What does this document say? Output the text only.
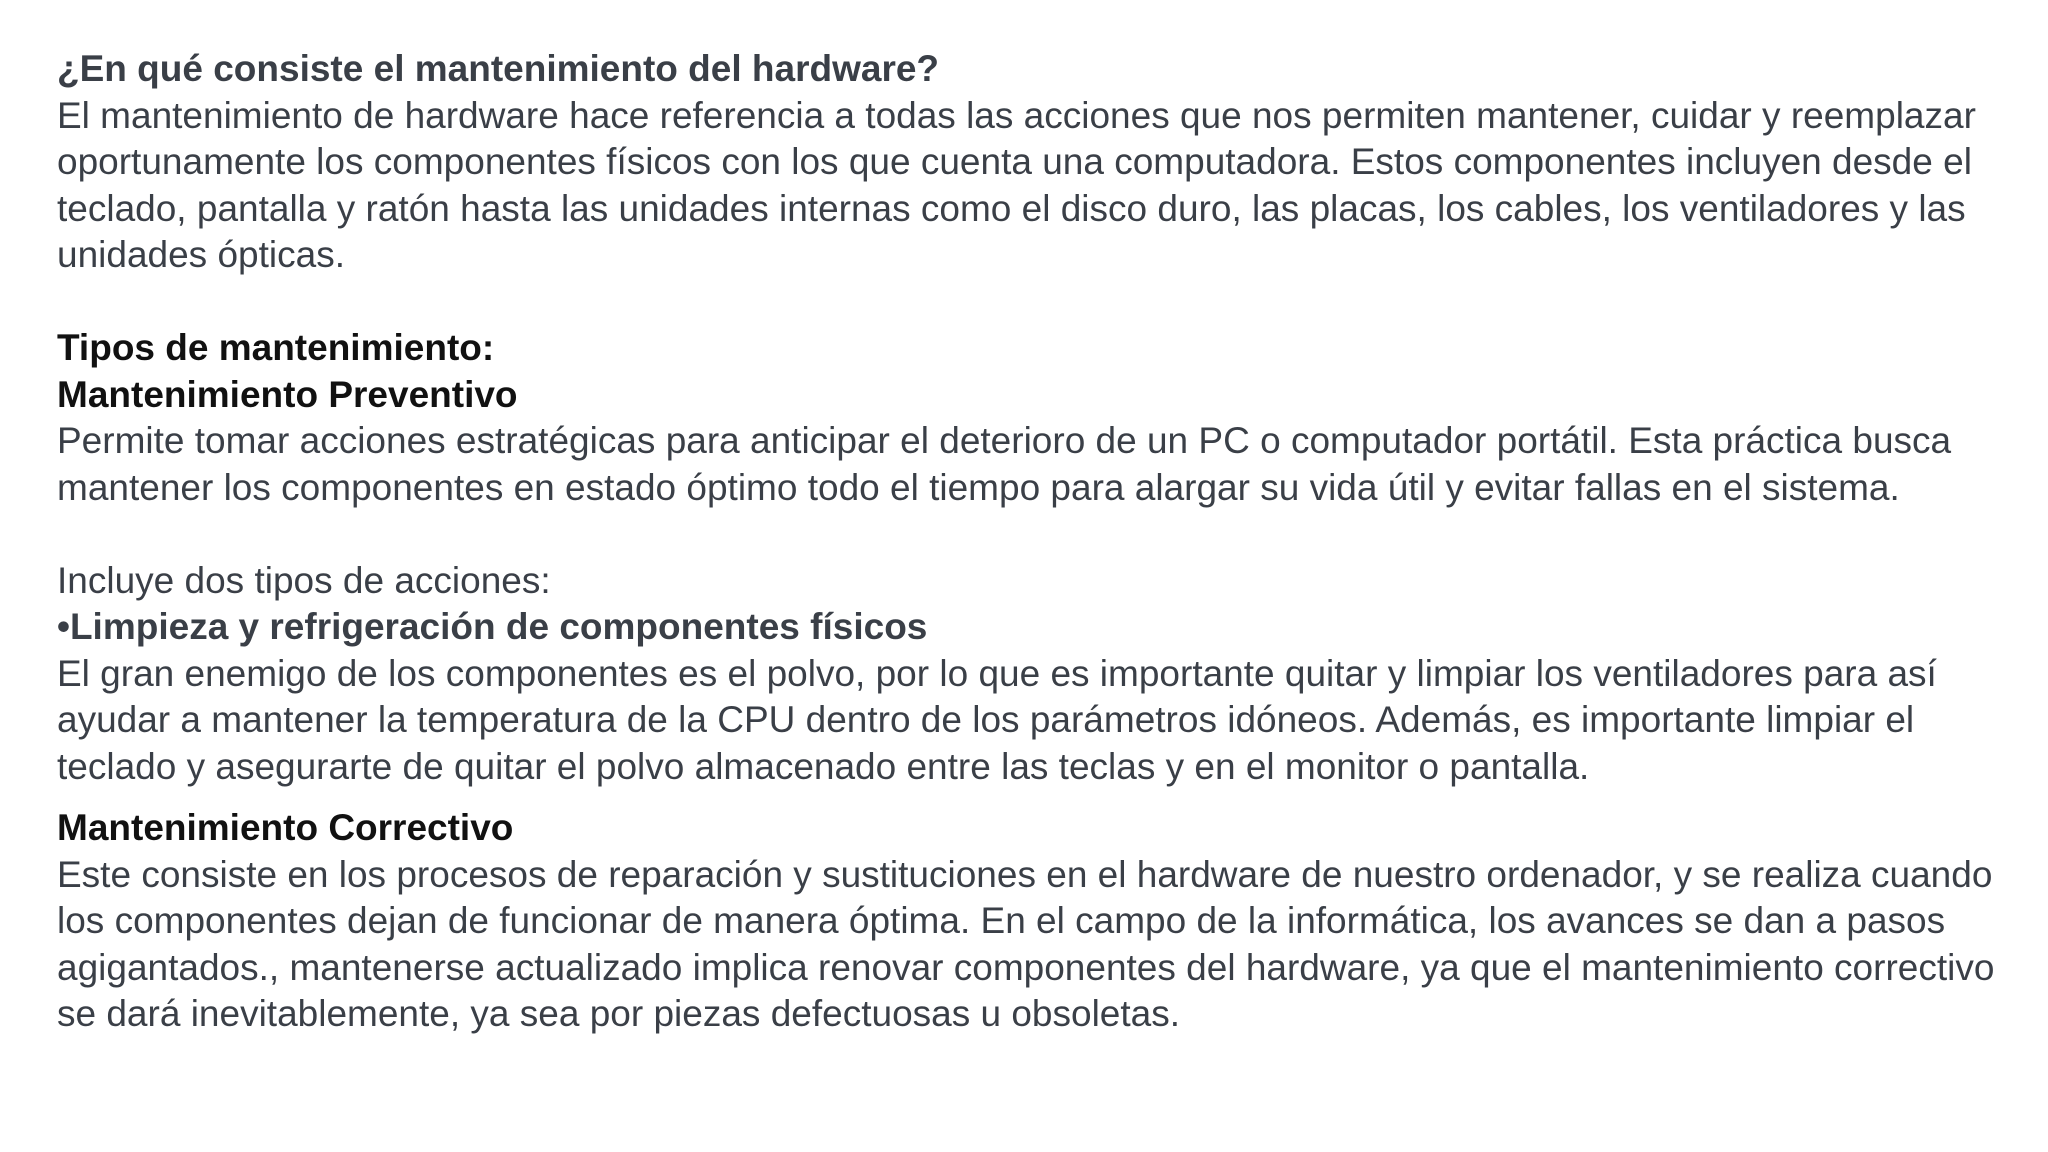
¿En qué consiste el mantenimiento del hardware?

El mantenimiento de hardware hace referencia a todas las acciones que nos permiten mantener, cuidar y reemplazar oportunamente los componentes físicos con los que cuenta una computadora. Estos componentes incluyen desde el teclado, pantalla y ratón hasta las unidades internas como el disco duro, las placas, los cables, los ventiladores y las unidades ópticas.

Tipos de mantenimiento:

Mantenimiento Preventivo

Permite tomar acciones estratégicas para anticipar el deterioro de un PC o computador portátil. Esta práctica busca mantener los componentes en estado óptimo todo el tiempo para alargar su vida útil y evitar fallas en el sistema.

Incluye dos tipos de acciones:

•Limpieza y refrigeración de componentes físicos

El gran enemigo de los componentes es el polvo, por lo que es importante quitar y limpiar los ventiladores para así ayudar a mantener la temperatura de la CPU dentro de los parámetros idóneos. Además, es importante limpiar el teclado y asegurarte de quitar el polvo almacenado entre las teclas y en el monitor o pantalla.

Mantenimiento Correctivo

Este consiste en los procesos de reparación y sustituciones en el hardware de nuestro ordenador, y se realiza cuando los componentes dejan de funcionar de manera óptima. En el campo de la informática, los avances se dan a pasos agigantados., mantenerse actualizado implica renovar componentes del hardware, ya que el mantenimiento correctivo se dará inevitablemente, ya sea por piezas defectuosas u obsoletas.
